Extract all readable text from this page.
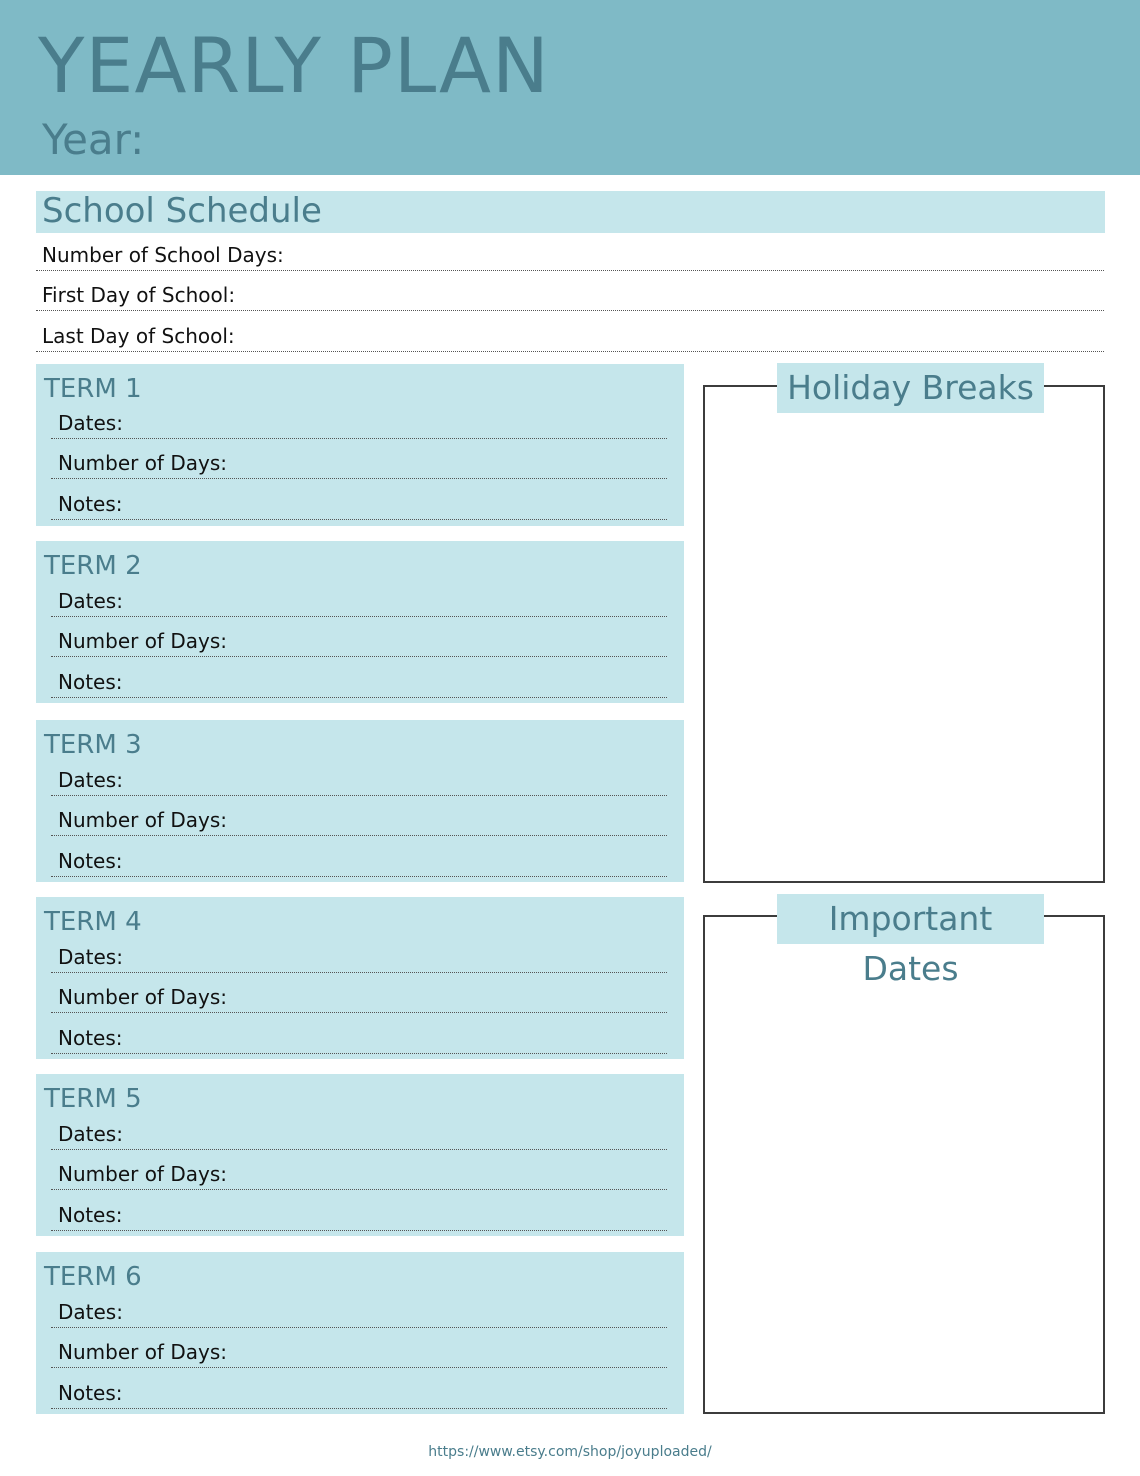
YEARLY PLAN
Year:
School Schedule
Number of School Days:
First Day of School:
Last Day of School:
TERM 1
Dates:
Number of Days:
Notes:
TERM 2
Dates:
Number of Days:
Notes:
TERM 3
Dates:
Number of Days:
Notes:
TERM 4
Dates:
Number of Days:
Notes:
TERM 5
Dates:
Number of Days:
Notes:
TERM 6
Dates:
Number of Days:
Notes:
Holiday Breaks
Important Dates
https://www.etsy.com/shop/joyuploaded/
